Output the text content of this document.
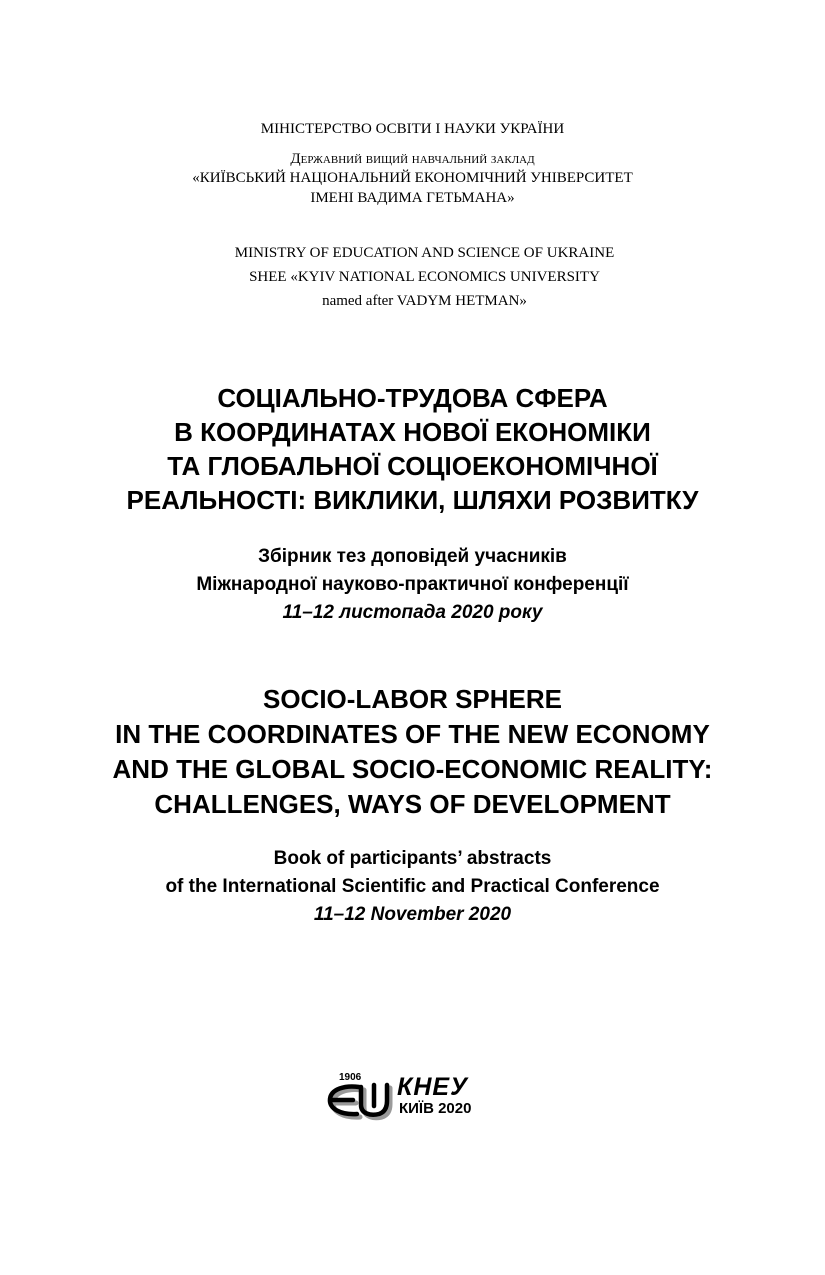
МІНІСТЕРСТВО ОСВІТИ І НАУКИ УКРАЇНИ
Державний вищий навчальний заклад
«КИЇВСЬКИЙ НАЦІОНАЛЬНИЙ ЕКОНОМІЧНИЙ УНІВЕРСИТЕТ
ІМЕНІ ВАДИМА ГЕТЬМАНА»
MINISTRY OF EDUCATION AND SCIENCE OF UKRAINE
SHEE «KYIV NATIONAL ECONOMICS UNIVERSITY
named after VADYM HETMAN»
СОЦІАЛЬНО-ТРУДОВА СФЕРА
В КООРДИНАТАХ НОВОЇ ЕКОНОМІКИ
ТА ГЛОБАЛЬНОЇ СОЦІОЕКОНОМІЧНОЇ
РЕАЛЬНОСТІ: ВИКЛИКИ, ШЛЯХИ РОЗВИТКУ
Збірник тез доповідей учасників
Міжнародної науково-практичної конференції
11–12 листопада 2020 року
SOCIO-LABOR SPHERE
IN THE COORDINATES OF THE NEW ECONOMY
AND THE GLOBAL SOCIO-ECONOMIC REALITY:
CHALLENGES, WAYS OF DEVELOPMENT
Book of participants’ abstracts
of the International Scientific and Practical Conference
11–12 November 2020
1906 КНЕУ
КИЇВ 2020
